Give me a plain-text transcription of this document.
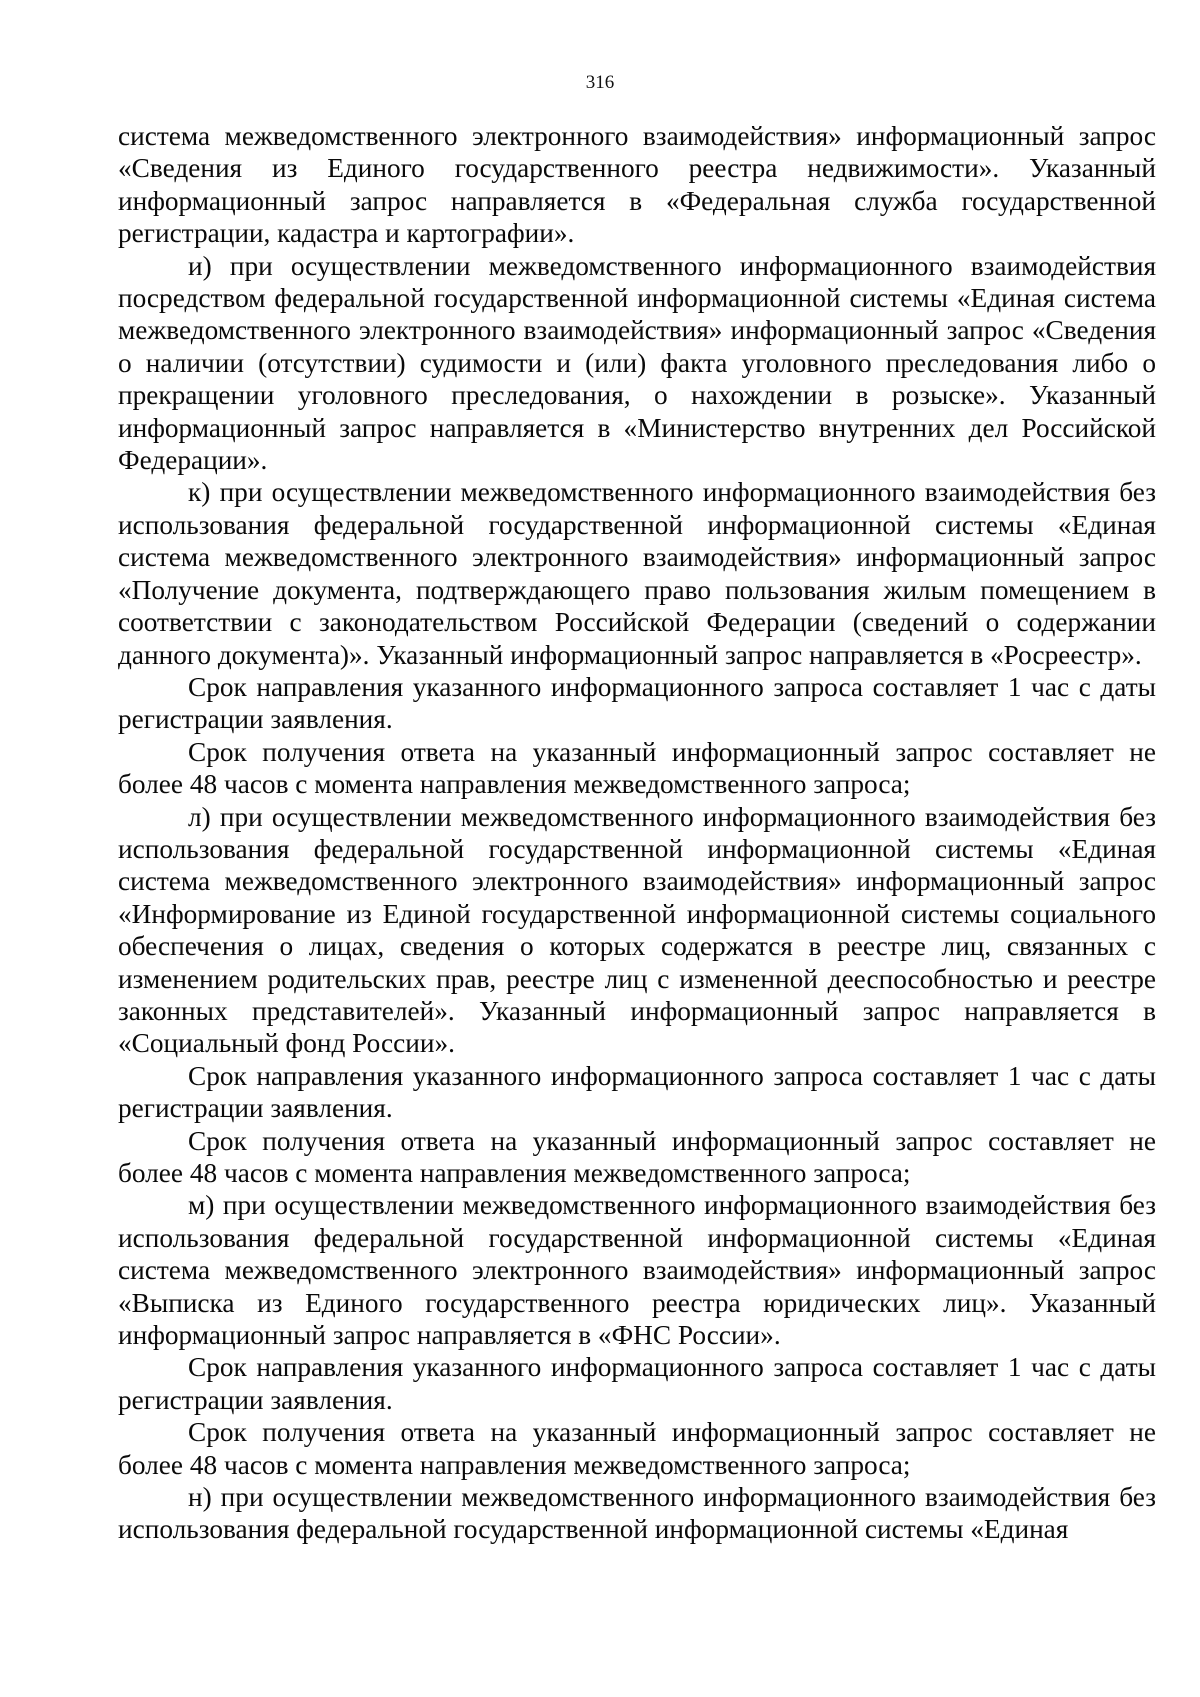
316

система межведомственного электронного взаимодействия» информационный запрос «Сведения из Единого государственного реестра недвижимости». Указанный информационный запрос направляется в «Федеральная служба государственной регистрации, кадастра и картографии».

и) при осуществлении межведомственного информационного взаимодействия посредством федеральной государственной информационной системы «Единая система межведомственного электронного взаимодействия» информационный запрос «Сведения о наличии (отсутствии) судимости и (или) факта уголовного преследования либо о прекращении уголовного преследования, о нахождении в розыске». Указанный информационный запрос направляется в «Министерство внутренних дел Российской Федерации».

к) при осуществлении межведомственного информационного взаимодействия без использования федеральной государственной информационной системы «Единая система межведомственного электронного взаимодействия» информационный запрос «Получение документа, подтверждающего право пользования жилым помещением в соответствии с законодательством Российской Федерации (сведений о содержании данного документа)». Указанный информационный запрос направляется в «Росреестр».

Срок направления указанного информационного запроса составляет 1 час с даты регистрации заявления.

Срок получения ответа на указанный информационный запрос составляет не более 48 часов с момента направления межведомственного запроса;

л) при осуществлении межведомственного информационного взаимодействия без использования федеральной государственной информационной системы «Единая система межведомственного электронного взаимодействия» информационный запрос «Информирование из Единой государственной информационной системы социального обеспечения о лицах, сведения о которых содержатся в реестре лиц, связанных с изменением родительских прав, реестре лиц с измененной дееспособностью и реестре законных представителей». Указанный информационный запрос направляется в «Социальный фонд России».

Срок направления указанного информационного запроса составляет 1 час с даты регистрации заявления.

Срок получения ответа на указанный информационный запрос составляет не более 48 часов с момента направления межведомственного запроса;

м) при осуществлении межведомственного информационного взаимодействия без использования федеральной государственной информационной системы «Единая система межведомственного электронного взаимодействия» информационный запрос «Выписка из Единого государственного реестра юридических лиц». Указанный информационный запрос направляется в «ФНС России».

Срок направления указанного информационного запроса составляет 1 час с даты регистрации заявления.

Срок получения ответа на указанный информационный запрос составляет не более 48 часов с момента направления межведомственного запроса;

н) при осуществлении межведомственного информационного взаимодействия без использования федеральной государственной информационной системы «Единая
